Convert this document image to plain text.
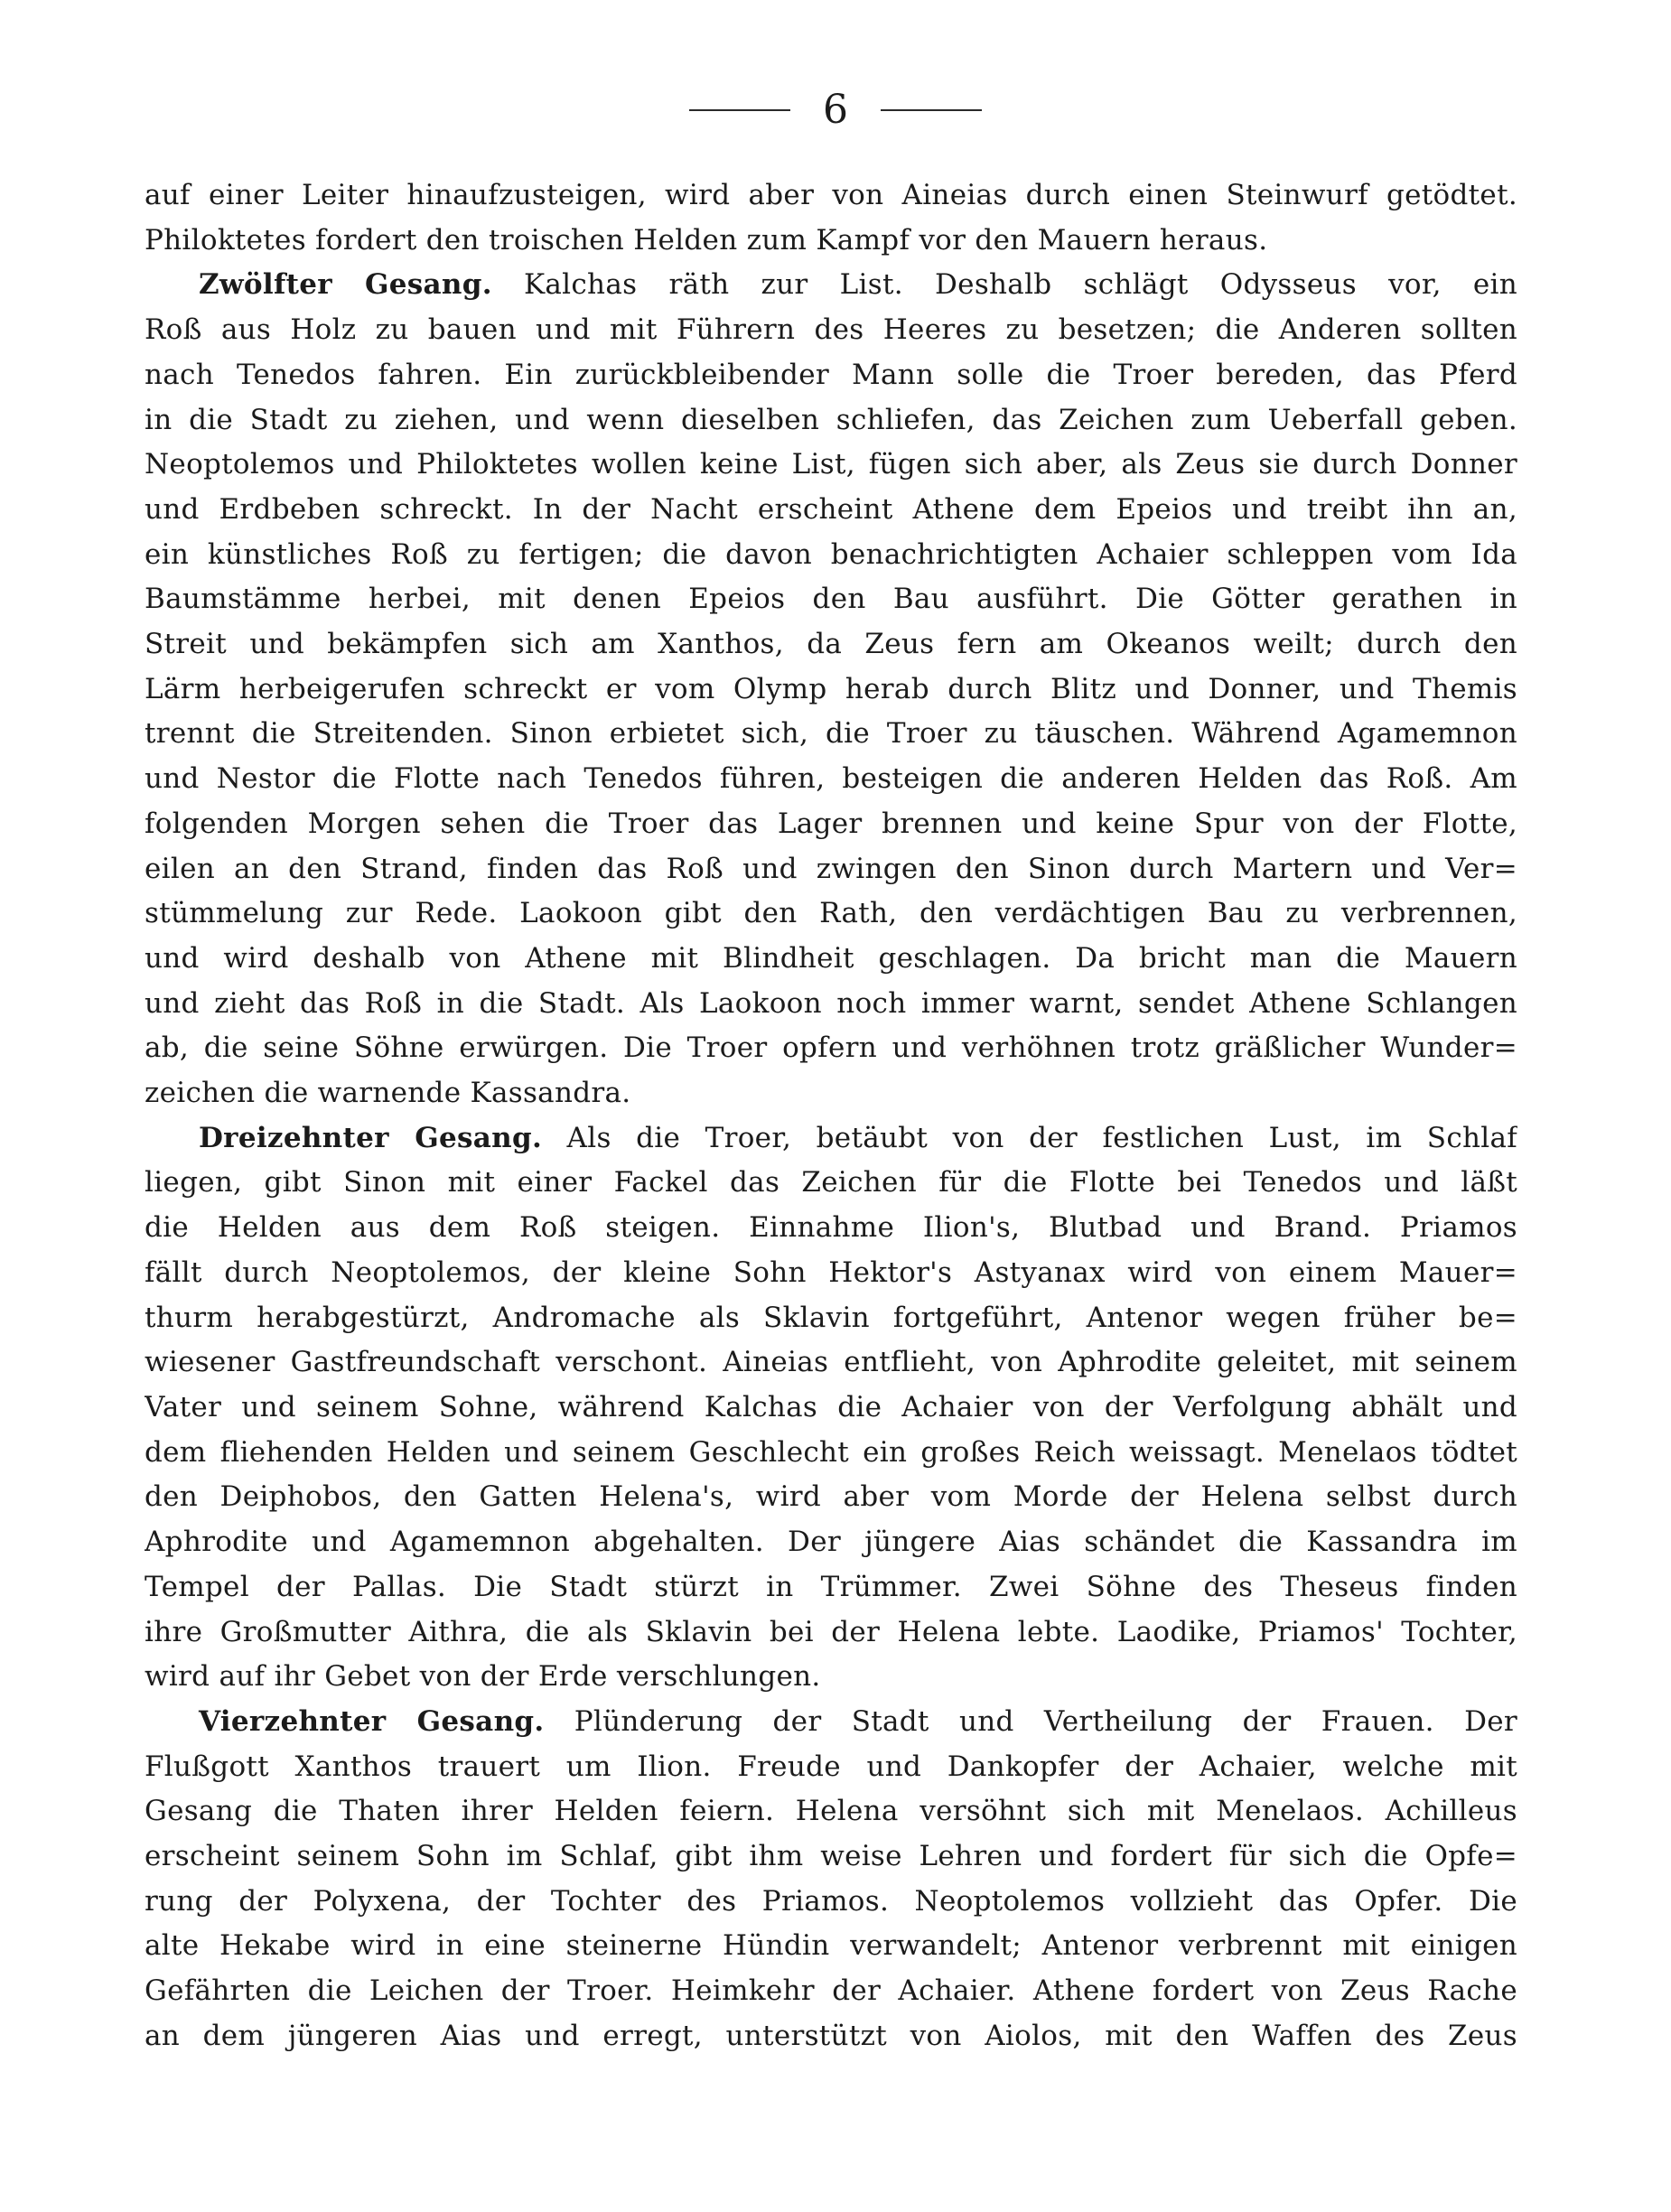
6
auf einer Leiter hinaufzusteigen, wird aber von Aineias durch einen Steinwurf getödtet.
Philoktetes fordert den troischen Helden zum Kampf vor den Mauern heraus.
Zwölfter Gesang. Kalchas räth zur List. Deshalb schlägt Odysseus vor, ein
Roß aus Holz zu bauen und mit Führern des Heeres zu besetzen; die Anderen sollten
nach Tenedos fahren. Ein zurückbleibender Mann solle die Troer bereden, das Pferd
in die Stadt zu ziehen, und wenn dieselben schliefen, das Zeichen zum Ueberfall geben.
Neoptolemos und Philoktetes wollen keine List, fügen sich aber, als Zeus sie durch Donner
und Erdbeben schreckt. In der Nacht erscheint Athene dem Epeios und treibt ihn an,
ein künstliches Roß zu fertigen; die davon benachrichtigten Achaier schleppen vom Ida
Baumstämme herbei, mit denen Epeios den Bau ausführt. Die Götter gerathen in
Streit und bekämpfen sich am Xanthos, da Zeus fern am Okeanos weilt; durch den
Lärm herbeigerufen schreckt er vom Olymp herab durch Blitz und Donner, und Themis
trennt die Streitenden. Sinon erbietet sich, die Troer zu täuschen. Während Agamemnon
und Nestor die Flotte nach Tenedos führen, besteigen die anderen Helden das Roß. Am
folgenden Morgen sehen die Troer das Lager brennen und keine Spur von der Flotte,
eilen an den Strand, finden das Roß und zwingen den Sinon durch Martern und Ver=
stümmelung zur Rede. Laokoon gibt den Rath, den verdächtigen Bau zu verbrennen,
und wird deshalb von Athene mit Blindheit geschlagen. Da bricht man die Mauern
und zieht das Roß in die Stadt. Als Laokoon noch immer warnt, sendet Athene Schlangen
ab, die seine Söhne erwürgen. Die Troer opfern und verhöhnen trotz gräßlicher Wunder=
zeichen die warnende Kassandra.
Dreizehnter Gesang. Als die Troer, betäubt von der festlichen Lust, im Schlaf
liegen, gibt Sinon mit einer Fackel das Zeichen für die Flotte bei Tenedos und läßt
die Helden aus dem Roß steigen. Einnahme Ilion's, Blutbad und Brand. Priamos
fällt durch Neoptolemos, der kleine Sohn Hektor's Astyanax wird von einem Mauer=
thurm herabgestürzt, Andromache als Sklavin fortgeführt, Antenor wegen früher be=
wiesener Gastfreundschaft verschont. Aineias entflieht, von Aphrodite geleitet, mit seinem
Vater und seinem Sohne, während Kalchas die Achaier von der Verfolgung abhält und
dem fliehenden Helden und seinem Geschlecht ein großes Reich weissagt. Menelaos tödtet
den Deiphobos, den Gatten Helena's, wird aber vom Morde der Helena selbst durch
Aphrodite und Agamemnon abgehalten. Der jüngere Aias schändet die Kassandra im
Tempel der Pallas. Die Stadt stürzt in Trümmer. Zwei Söhne des Theseus finden
ihre Großmutter Aithra, die als Sklavin bei der Helena lebte. Laodike, Priamos' Tochter,
wird auf ihr Gebet von der Erde verschlungen.
Vierzehnter Gesang. Plünderung der Stadt und Vertheilung der Frauen. Der
Flußgott Xanthos trauert um Ilion. Freude und Dankopfer der Achaier, welche mit
Gesang die Thaten ihrer Helden feiern. Helena versöhnt sich mit Menelaos. Achilleus
erscheint seinem Sohn im Schlaf, gibt ihm weise Lehren und fordert für sich die Opfe=
rung der Polyxena, der Tochter des Priamos. Neoptolemos vollzieht das Opfer. Die
alte Hekabe wird in eine steinerne Hündin verwandelt; Antenor verbrennt mit einigen
Gefährten die Leichen der Troer. Heimkehr der Achaier. Athene fordert von Zeus Rache
an dem jüngeren Aias und erregt, unterstützt von Aiolos, mit den Waffen des Zeus
